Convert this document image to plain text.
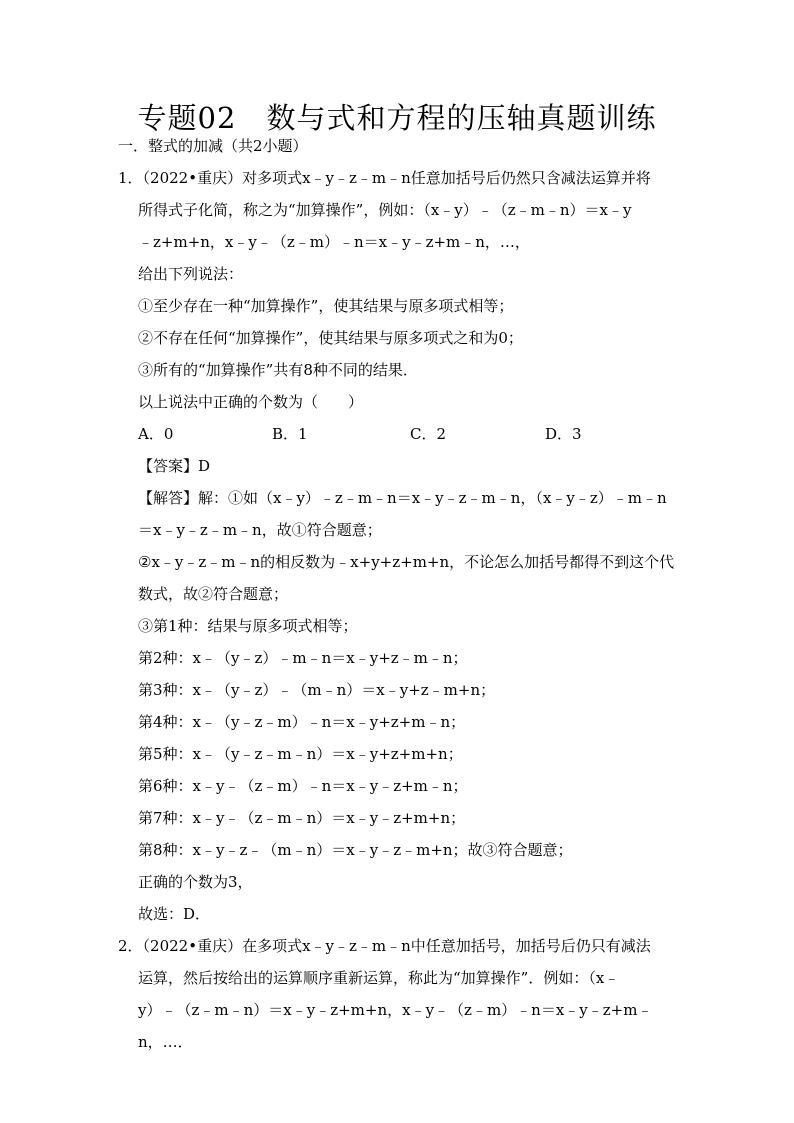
专题02　数与式和方程的压轴真题训练
一．整式的加减（共2小题）
1．（2022•重庆）对多项式x﹣y﹣z﹣m﹣n任意加括号后仍然只含减法运算并将
所得式子化简，称之为“加算操作”，例如：（x﹣y）﹣（z﹣m﹣n）＝x﹣y
﹣z+m+n，x﹣y﹣（z﹣m）﹣n＝x﹣y﹣z+m﹣n，…，
给出下列说法：
①至少存在一种“加算操作”，使其结果与原多项式相等；
②不存在任何“加算操作”，使其结果与原多项式之和为0；
③所有的“加算操作”共有8种不同的结果．
以上说法中正确的个数为（　　）
A．0	B．1	C．2	D．3
【答案】D
【解答】解：①如（x﹣y）﹣z﹣m﹣n＝x﹣y﹣z﹣m﹣n，（x﹣y﹣z）﹣m﹣n
＝x﹣y﹣z﹣m﹣n，故①符合题意；
②x﹣y﹣z﹣m﹣n的相反数为﹣x+y+z+m+n，不论怎么加括号都得不到这个代
数式，故②符合题意；
③第1种：结果与原多项式相等；
第2种：x﹣（y﹣z）﹣m﹣n＝x﹣y+z﹣m﹣n；
第3种：x﹣（y﹣z）﹣（m﹣n）＝x﹣y+z﹣m+n；
第4种：x﹣（y﹣z﹣m）﹣n＝x﹣y+z+m﹣n；
第5种：x﹣（y﹣z﹣m﹣n）＝x﹣y+z+m+n；
第6种：x﹣y﹣（z﹣m）﹣n＝x﹣y﹣z+m﹣n；
第7种：x﹣y﹣（z﹣m﹣n）＝x﹣y﹣z+m+n；
第8种：x﹣y﹣z﹣（m﹣n）＝x﹣y﹣z﹣m+n；故③符合题意；
正确的个数为3，
故选：D．
2．（2022•重庆）在多项式x﹣y﹣z﹣m﹣n中任意加括号，加括号后仍只有减法
运算，然后按给出的运算顺序重新运算，称此为“加算操作”．例如：（x﹣
y）﹣（z﹣m﹣n）＝x﹣y﹣z+m+n，x﹣y﹣（z﹣m）﹣n＝x﹣y﹣z+m﹣
n，…．
